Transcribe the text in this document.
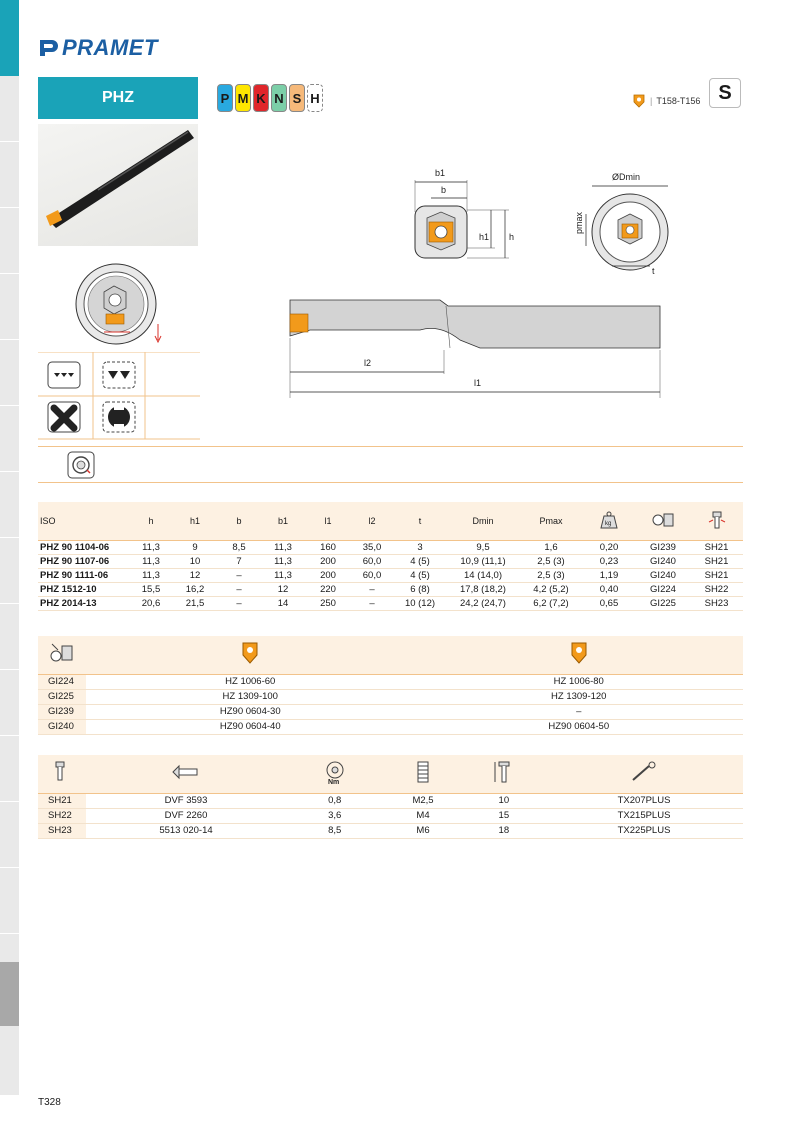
PRAMET
PHZ	P M K N S H	| T158-T156 S
b1
b
h1 h
ØDmin
pmax
t
l2
l1
ISO	h	h1	b	b1	l1	l2	t	Dmin	Pmax	kg

PHZ 90 1104-06	11,3	9	8,5	11,3	160	35,0	3	9,5	1,6	0,20	GI239	SH21
PHZ 90 1107-06	11,3	10	7	11,3	200	60,0	4 (5)	10,9 (11,1)	2,5 (3)	0,23	GI240	SH21
PHZ 90 1111-06	11,3	12	–	11,3	200	60,0	4 (5)	14 (14,0)	2,5 (3)	1,19	GI240	SH21
PHZ 1512-10	15,5	16,2	–	12	220	–	6 (8)	17,8 (18,2)	4,2 (5,2)	0,40	GI224	SH22
PHZ 2014-13	20,6	21,5	–	14	250	–	10 (12)	24,2 (24,7)	6,2 (7,2)	0,65	GI225	SH23

GI224	HZ 1006-60	HZ 1006-80
GI225	HZ 1309-100	HZ 1309-120
GI239	HZ90 0604-30	–
GI240	HZ90 0604-40	HZ90 0604-50

Nm

SH21	DVF 3593	0,8	M2,5	10	TX207PLUS
SH22	DVF 2260	3,6	M4	15	TX215PLUS
SH23	5513 020-14	8,5	M6	18	TX225PLUS
T328
